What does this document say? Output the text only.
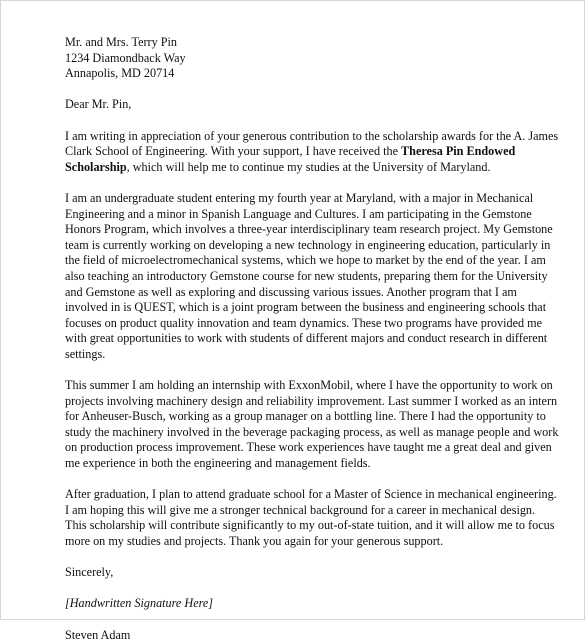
Mr. and Mrs. Terry Pin
1234 Diamondback Way
Annapolis, MD 20714
Dear Mr. Pin,
I am writing in appreciation of your generous contribution to the scholarship awards for the A. James
Clark School of Engineering. With your support, I have received the Theresa Pin Endowed
Scholarship, which will help me to continue my studies at the University of Maryland.
I am an undergraduate student entering my fourth year at Maryland, with a major in Mechanical
Engineering and a minor in Spanish Language and Cultures. I am participating in the Gemstone
Honors Program, which involves a three-year interdisciplinary team research project. My Gemstone
team is currently working on developing a new technology in engineering education, particularly in
the field of microelectromechanical systems, which we hope to market by the end of the year. I am
also teaching an introductory Gemstone course for new students, preparing them for the University
and Gemstone as well as exploring and discussing various issues. Another program that I am
involved in is QUEST, which is a joint program between the business and engineering schools that
focuses on product quality innovation and team dynamics. These two programs have provided me
with great opportunities to work with students of different majors and conduct research in different
settings.
This summer I am holding an internship with ExxonMobil, where I have the opportunity to work on
projects involving machinery design and reliability improvement. Last summer I worked as an intern
for Anheuser-Busch, working as a group manager on a bottling line. There I had the opportunity to
study the machinery involved in the beverage packaging process, as well as manage people and work
on production process improvement. These work experiences have taught me a great deal and given
me experience in both the engineering and management fields.
After graduation, I plan to attend graduate school for a Master of Science in mechanical engineering.
I am hoping this will give me a stronger technical background for a career in mechanical design.
This scholarship will contribute significantly to my out-of-state tuition, and it will allow me to focus
more on my studies and projects. Thank you again for your generous support.
Sincerely,
[Handwritten Signature Here]
Steven Adam
